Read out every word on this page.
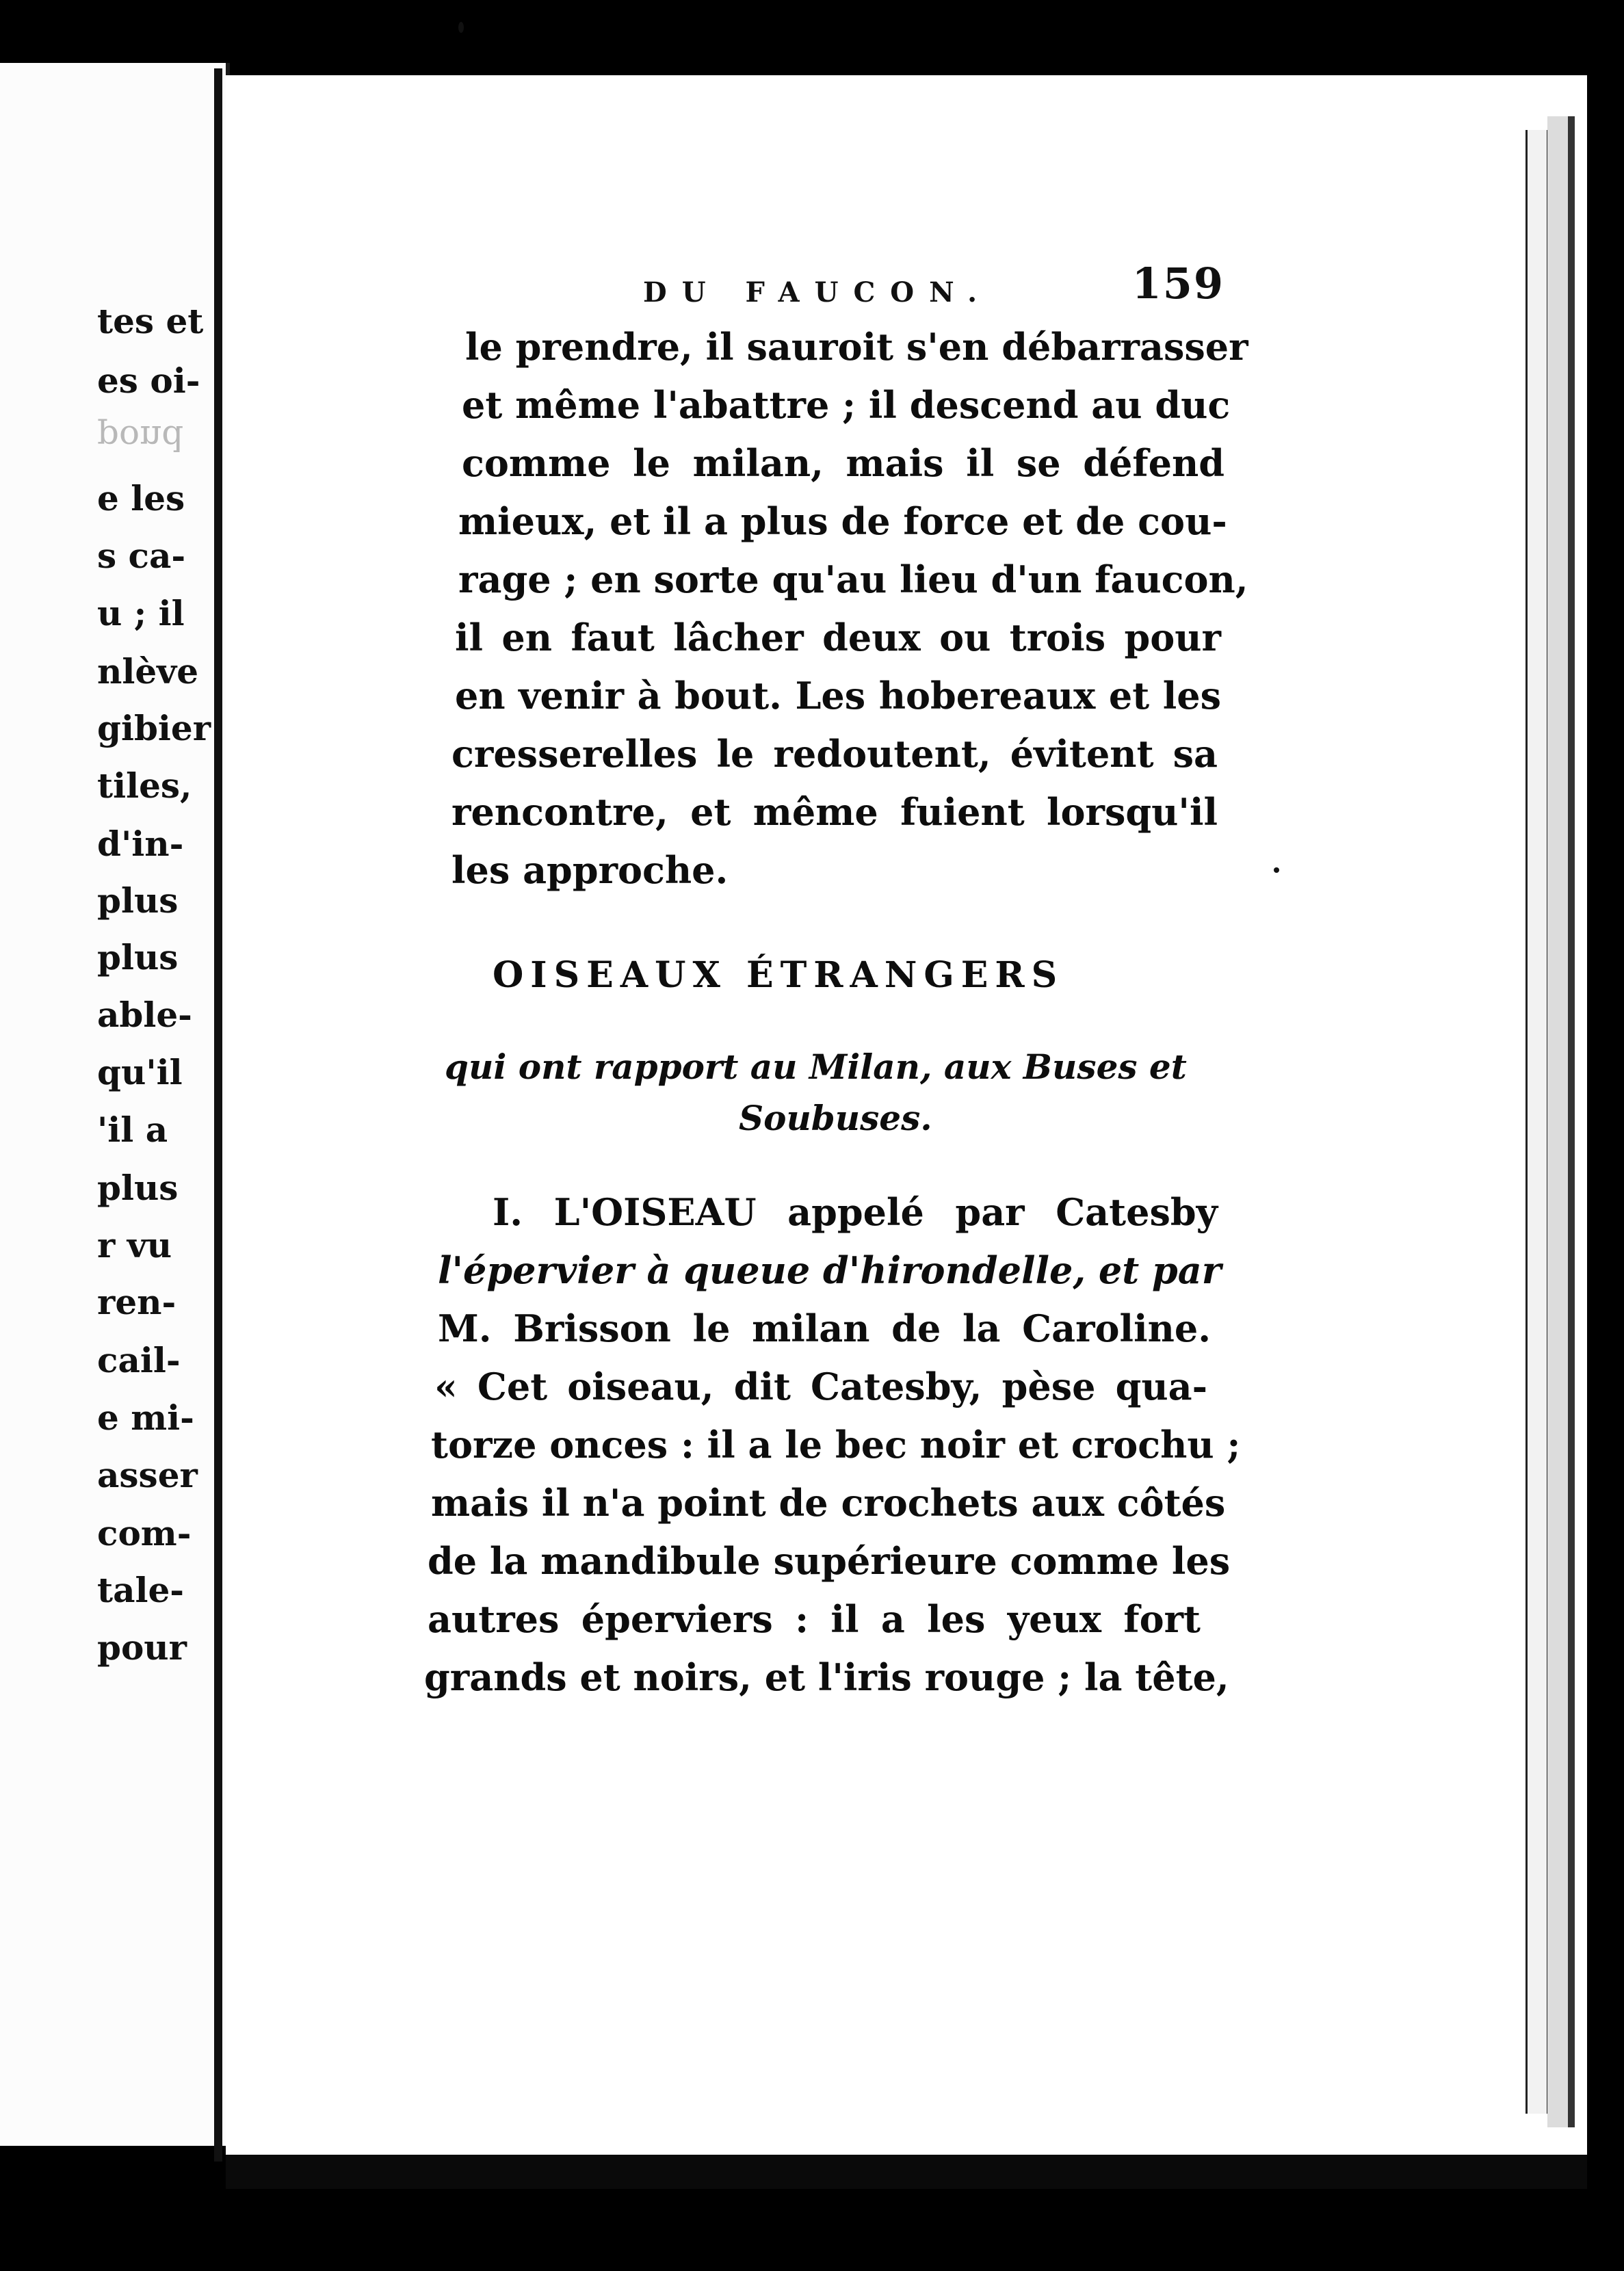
tes et
es oi-
pond
e les
s ca-
u ; il
nlève
gibier
tiles,
d'in-
plus
plus
able-
qu'il
'il a
plus
r vu
ren-
cail-
e mi-
asser
com-
tale-
pour
DU FAUCON.	159
le prendre, il sauroit s'en débarrasser
et même l'abattre ; il descend au duc
comme le milan, mais il se défend
mieux, et il a plus de force et de cou-
rage ; en sorte qu'au lieu d'un faucon,
il en faut lâcher deux ou trois pour
en venir à bout. Les hobereaux et les
cresserelles le redoutent, évitent sa
rencontre, et même fuient lorsqu'il
les approche.
OISEAUX ÉTRANGERS
qui ont rapport au Milan, aux Buses et
Soubuses.
I. L'OISEAU appelé par Catesby
l'épervier à queue d'hirondelle, et par
M. Brisson le milan de la Caroline.
« Cet oiseau, dit Catesby, pèse qua-
torze onces : il a le bec noir et crochu ;
mais il n'a point de crochets aux côtés
de la mandibule supérieure comme les
autres éperviers : il a les yeux fort
grands et noirs, et l'iris rouge ; la tête,
